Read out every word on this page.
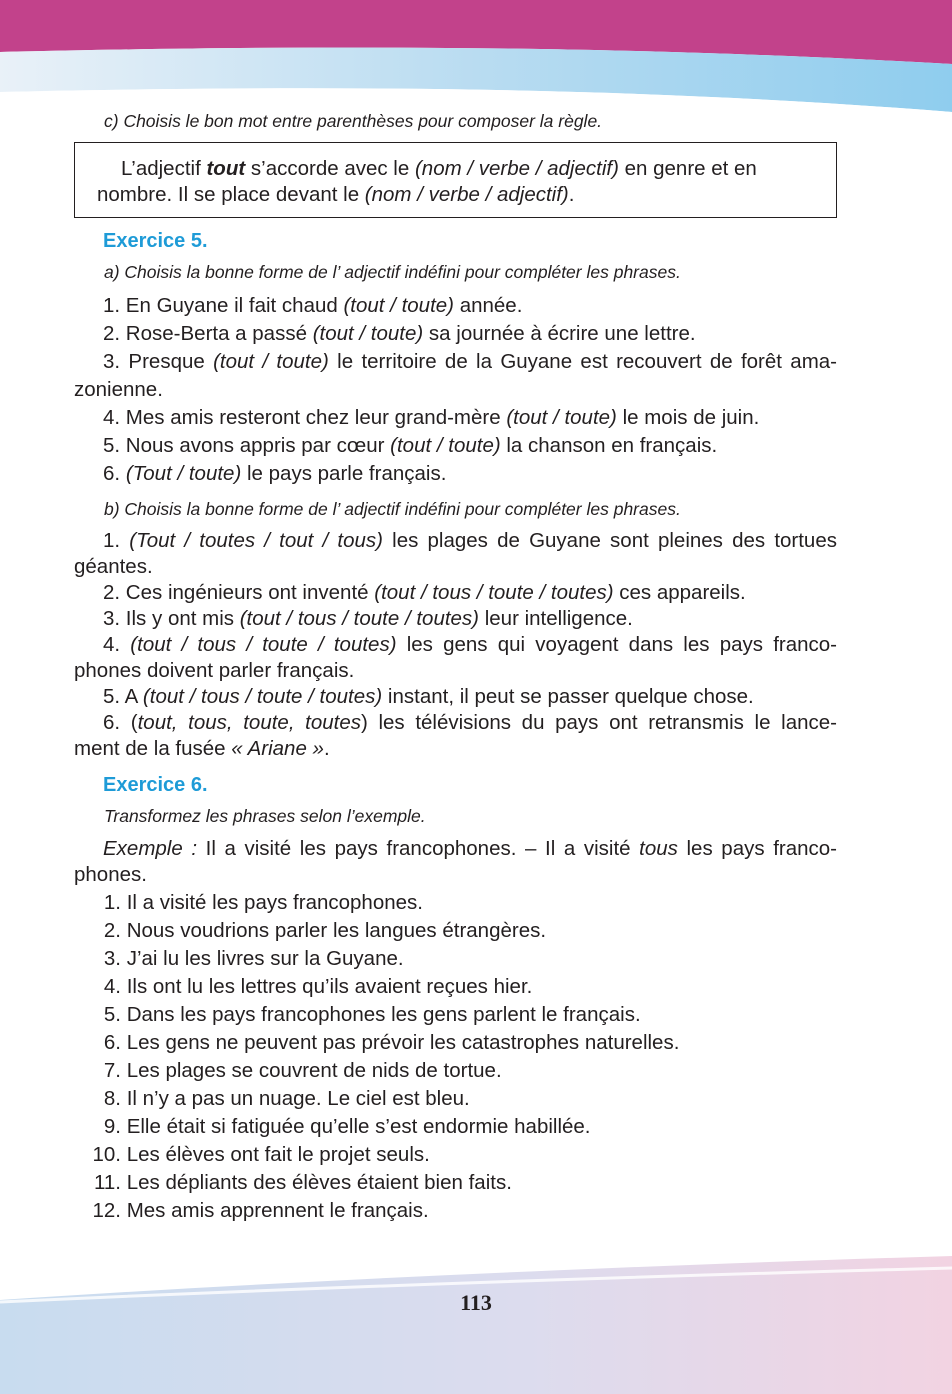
c) Choisis le bon mot entre parenthèses pour composer la règle.
L’adjectif tout s’accorde avec le (nom / verbe / adjectif) en genre et en
nombre. Il se place devant le (nom / verbe / adjectif).
Exercice 5.
a) Choisis la bonne forme de l’ adjectif indéfini pour compléter les phrases.
1. En Guyane il fait chaud (tout / toute) année.
2. Rose-Berta a passé (tout / toute) sa journée à écrire une lettre.
3. Presque (tout / toute) le territoire de la Guyane est recouvert de forêt ama-
zonienne.
4. Mes amis resteront chez leur grand-mère (tout / toute) le mois de juin.
5. Nous avons appris par cœur (tout / toute) la chanson en français.
6. (Tout / toute) le pays parle français.
b) Choisis la bonne forme de l’ adjectif indéfini pour compléter les phrases.
1. (Tout / toutes / tout / tous) les plages de Guyane sont pleines des tortues
géantes.
2. Ces ingénieurs ont inventé (tout / tous / toute / toutes) ces appareils.
3. Ils y ont mis (tout / tous / toute / toutes) leur intelligence.
4. (tout / tous / toute / toutes) les gens qui voyagent dans les pays franco-
phones doivent parler français.
5. A (tout / tous / toute / toutes) instant, il peut se passer quelque chose.
6. (tout, tous, toute, toutes) les télévisions du pays ont retransmis le lance-
ment de la fusée « Ariane ».
Exercice 6.
Transformez les phrases selon l’exemple.
Exemple : Il a visité les pays francophones. – Il a visité tous les pays franco-
phones.
1. Il a visité les pays francophones.
2. Nous voudrions parler les langues étrangères.
3. J’ai lu les livres sur la Guyane.
4. Ils ont lu les lettres qu’ils avaient reçues hier.
5. Dans les pays francophones les gens parlent le français.
6. Les gens ne peuvent pas prévoir les catastrophes naturelles.
7. Les plages se couvrent de nids de tortue.
8. Il n’y a pas un nuage. Le ciel est bleu.
9. Elle était si fatiguée qu’elle s’est endormie habillée.
10. Les élèves ont fait le projet seuls.
11. Les dépliants des élèves étaient bien faits.
12. Mes amis apprennent le français.
113
